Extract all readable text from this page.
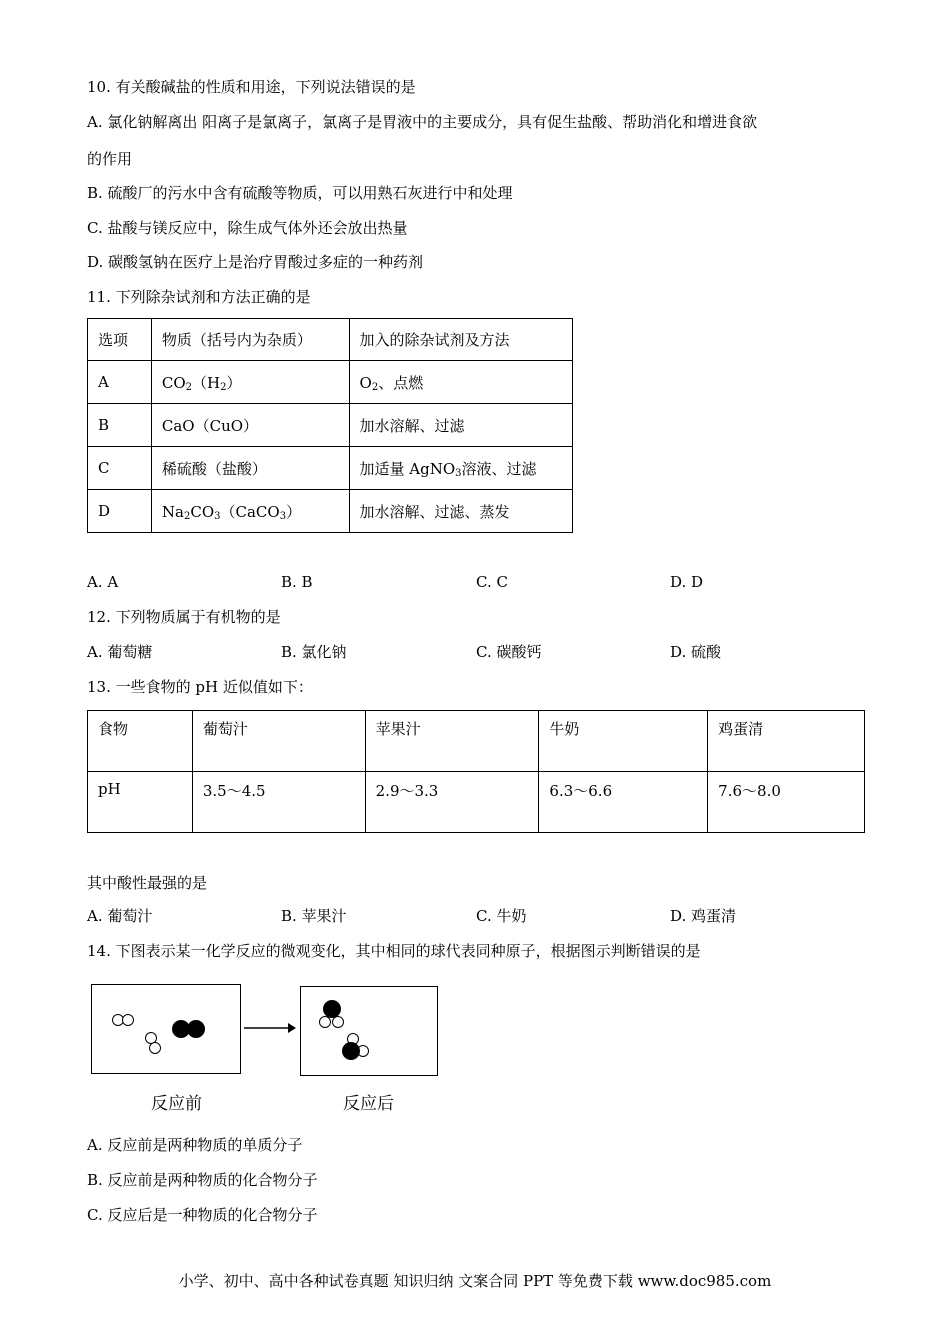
10. 有关酸碱盐的性质和用途，下列说法错误的是
A. 氯化钠解离出 阳离子是氯离子，氯离子是胃液中的主要成分，具有促生盐酸、帮助消化和增进食欲
的作用
B. 硫酸厂的污水中含有硫酸等物质，可以用熟石灰进行中和处理
C. 盐酸与镁反应中，除生成气体外还会放出热量
D. 碳酸氢钠在医疗上是治疗胃酸过多症的一种药剂
11. 下列除杂试剂和方法正确的是
选项	物质（括号内为杂质）	加入的除杂试剂及方法
A	$CO_2(H_2)$	$O_2$、点燃
B	CaO（CuO）	加水溶解、过滤
C	稀硫酸（盐酸）	加适量 AgNO$_3$溶液、过滤
D	$Na_2CO_3(CaCO_3)$	加水溶解、过滤、蒸发
A. A	B. B	C. C	D. D
12. 下列物质属于有机物的是
A. 葡萄糖	B. 氯化钠	C. 碳酸钙	D. 硫酸
13. 一些食物的 pH 近似值如下：
食物	葡萄汁	苹果汁	牛奶	鸡蛋清
pH	3.5～4.5	2.9～3.3	6.3～6.6	7.6～8.0
其中酸性最强的是
A. 葡萄汁	B. 苹果汁	C. 牛奶	D. 鸡蛋清
14. 下图表示某一化学反应的微观变化，其中相同的球代表同种原子，根据图示判断错误的是
反应前	反应后
A. 反应前是两种物质的单质分子
B. 反应前是两种物质的化合物分子
C. 反应后是一种物质的化合物分子
小学、初中、高中各种试卷真题 知识归纳 文案合同 PPT 等免费下载 www.doc985.com
